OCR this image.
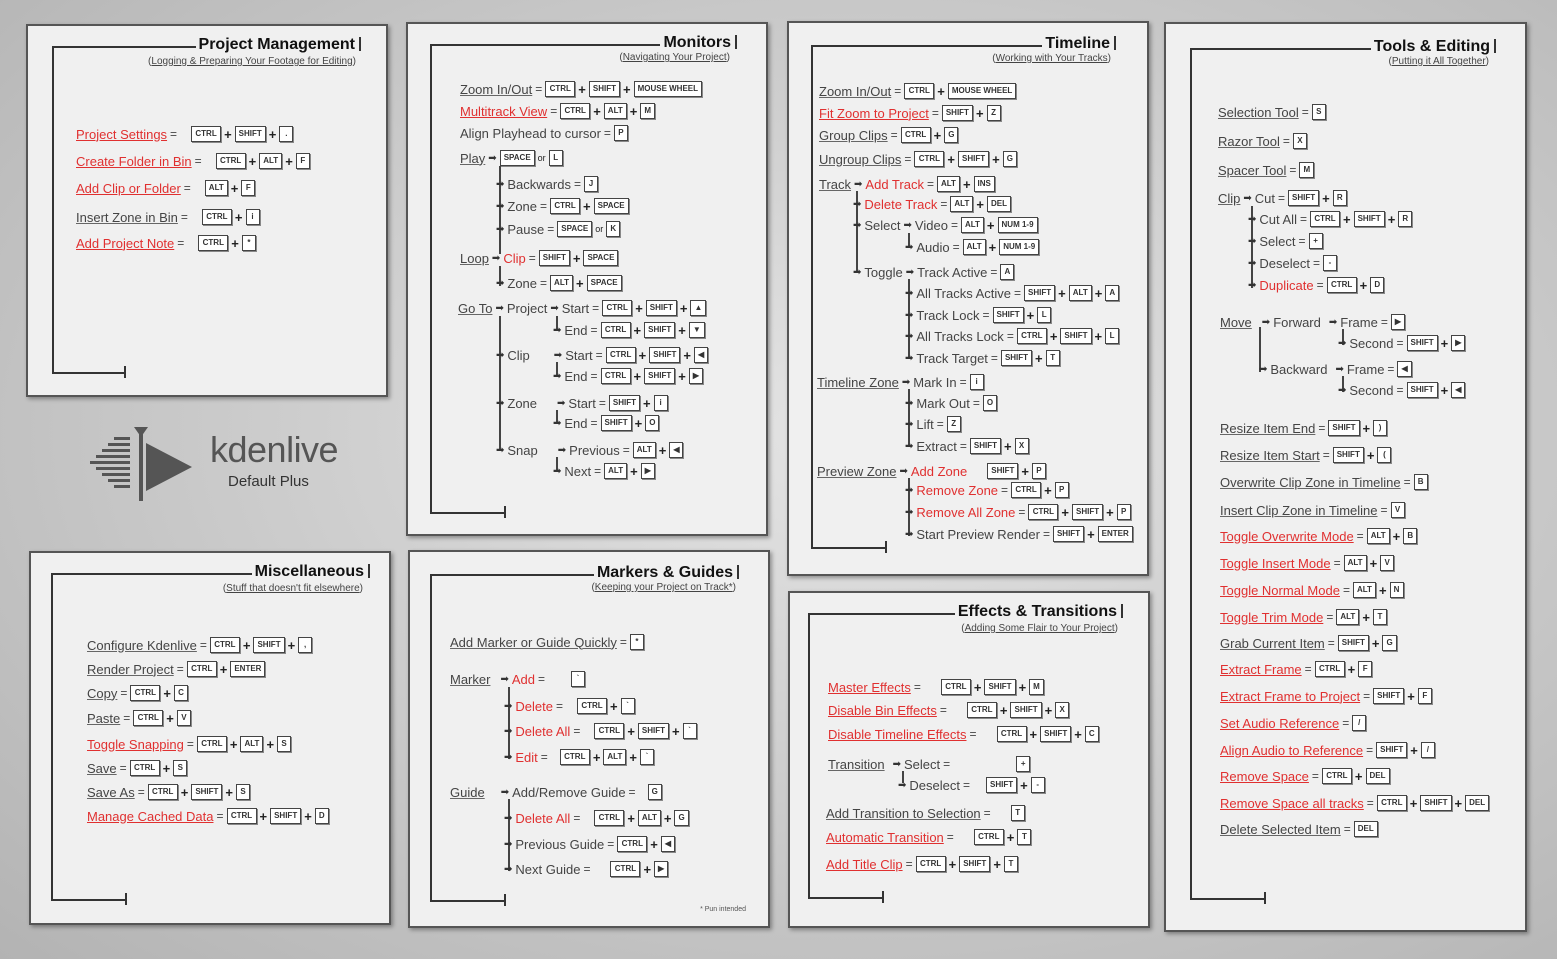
Project Management
(Logging & Preparing Your Footage for Editing)
Project Settings =	CTRL + SHIFT +	.
Create Folder in Bin =	CTRL + ALT + F
Add Clip or Folder =	ALT + F
Insert Zone in Bin =	CTRL +	i
Add Project Note =	CTRL +	*
kdenlive
Default Plus
Monitors
(Navigating Your Project)
Zoom In/Out = CTRL + SHIFT + MOUSE WHEEL
Multitrack View = CTRL + ALT + M
Align Playhead to cursor = P
Play ➡ SPACE or L
➡ Backwards = J
➡ Zone = CTRL + SPACE
➡ Pause = SPACE or K
Loop ➡ Clip = SHIFT + SPACE
➡ Zone = ALT + SPACE
Go To ➡ Project ➡ Start = CTRL + SHIFT + ▲
➡ End = CTRL + SHIFT + ▼
➡ Clip ➡ Start = CTRL + SHIFT + ◀
➡ End = CTRL + SHIFT + ▶
➡ Zone ➡ Start = SHIFT +	i
➡ End = SHIFT + O
➡ Snap ➡ Previous = ALT + ◀
➡ Next = ALT + ▶
Timeline
(Working with Your Tracks)
Zoom In/Out = CTRL + MOUSE WHEEL
Fit Zoom to Project = SHIFT + Z
Group Clips = CTRL + G
Ungroup Clips = CTRL + SHIFT + G
Track ➡ Add Track = ALT + INS
➡ Delete Track = ALT + DEL
➡ Select ➡ Video = ALT + NUM 1-9
➡ Audio = ALT + NUM 1-9
➡ Toggle ➡ Track Active = A
➡ All Tracks Active = SHIFT + ALT + A
➡ Track Lock = SHIFT + L
➡ All Tracks Lock = CTRL + SHIFT + L
➡ Track Target = SHIFT + T
Timeline Zone ➡ Mark In =	i
➡ Mark Out = O
➡ Lift = Z
➡ Extract = SHIFT + X
Preview Zone ➡ Add Zone	SHIFT + P
➡ Remove Zone = CTRL + P
➡ Remove All Zone = CTRL + SHIFT + P
➡ Start Preview Render = SHIFT + ENTER
Tools & Editing
(Putting it All Together)
Selection Tool = S
Razor Tool = X
Spacer Tool = M
Clip ➡ Cut = SHIFT + R
➡ Cut All = CTRL + SHIFT + R
➡ Select = +
➡ Deselect =	-
➡ Duplicate = CTRL + D
Move ➡ Forward ➡ Frame = ▶
➡ Second = SHIFT + ▶
➡ Backward ➡ Frame = ◀
➡ Second = SHIFT + ◀
Resize Item End = SHIFT +	)
Resize Item Start = SHIFT +	(
Overwrite Clip Zone in Timeline = B
Insert Clip Zone in Timeline = V
Toggle Overwrite Mode = ALT + B
Toggle Insert Mode = ALT + V
Toggle Normal Mode = ALT + N
Toggle Trim Mode = ALT + T
Grab Current Item = SHIFT + G
Extract Frame = CTRL + F
Extract Frame to Project = SHIFT + F
Set Audio Reference =	/
Align Audio to Reference = SHIFT +	/
Remove Space = CTRL + DEL
Remove Space all tracks = CTRL + SHIFT + DEL
Delete Selected Item = DEL
Miscellaneous
(Stuff that doesn't fit elsewhere)
Configure Kdenlive = CTRL + SHIFT +	,
Render Project = CTRL + ENTER
Copy = CTRL + C
Paste = CTRL + V
Toggle Snapping = CTRL + ALT + S
Save = CTRL + S
Save As = CTRL + SHIFT + S
Manage Cached Data = CTRL + SHIFT + D
Markers & Guides
(Keeping your Project on Track*)
* Pun intended
Add Marker or Guide Quickly =	*
Marker ➡ Add =	`
➡ Delete =	CTRL +	`
➡ Delete All =	CTRL + SHIFT +	`
➡ Edit =	CTRL + ALT +	`
Guide ➡ Add/Remove Guide =	G
➡ Delete All =	CTRL + ALT + G
➡ Previous Guide = CTRL + ◀
➡ Next Guide =	CTRL + ▶
Effects & Transitions
(Adding Some Flair to Your Project)
Master Effects =	CTRL + SHIFT + M
Disable Bin Effects =	CTRL + SHIFT + X
Disable Timeline Effects =	CTRL + SHIFT + C
Transition ➡ Select =	+
➡ Deselect =	SHIFT +	-
Add Transition to Selection =	T
Automatic Transition =	CTRL + T
Add Title Clip = CTRL + SHIFT + T
